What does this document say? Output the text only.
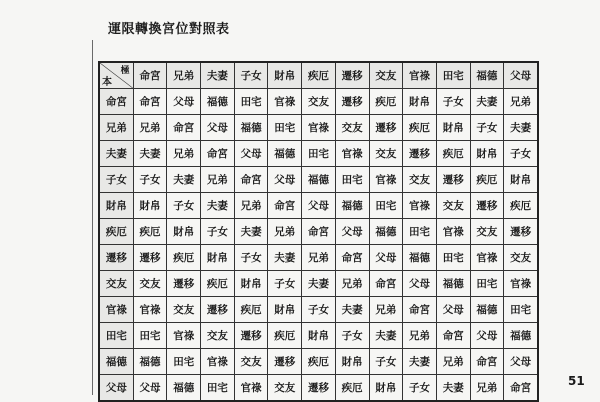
運限轉換宮位對照表
極
本	命宮	兄弟	夫妻	子女	財帛	疾厄	遷移	交友	官祿	田宅	福德	父母
命宮	命宮	父母	福德	田宅	官祿	交友	遷移	疾厄	財帛	子女	夫妻	兄弟
兄弟	兄弟	命宮	父母	福德	田宅	官祿	交友	遷移	疾厄	財帛	子女	夫妻
夫妻	夫妻	兄弟	命宮	父母	福德	田宅	官祿	交友	遷移	疾厄	財帛	子女
子女	子女	夫妻	兄弟	命宮	父母	福德	田宅	官祿	交友	遷移	疾厄	財帛
財帛	財帛	子女	夫妻	兄弟	命宮	父母	福德	田宅	官祿	交友	遷移	疾厄
疾厄	疾厄	財帛	子女	夫妻	兄弟	命宮	父母	福德	田宅	官祿	交友	遷移
遷移	遷移	疾厄	財帛	子女	夫妻	兄弟	命宮	父母	福德	田宅	官祿	交友
交友	交友	遷移	疾厄	財帛	子女	夫妻	兄弟	命宮	父母	福德	田宅	官祿
官祿	官祿	交友	遷移	疾厄	財帛	子女	夫妻	兄弟	命宮	父母	福德	田宅
田宅	田宅	官祿	交友	遷移	疾厄	財帛	子女	夫妻	兄弟	命宮	父母	福德
福德	福德	田宅	官祿	交友	遷移	疾厄	財帛	子女	夫妻	兄弟	命宮	父母
父母	父母	福德	田宅	官祿	交友	遷移	疾厄	財帛	子女	夫妻	兄弟	命宮	51
